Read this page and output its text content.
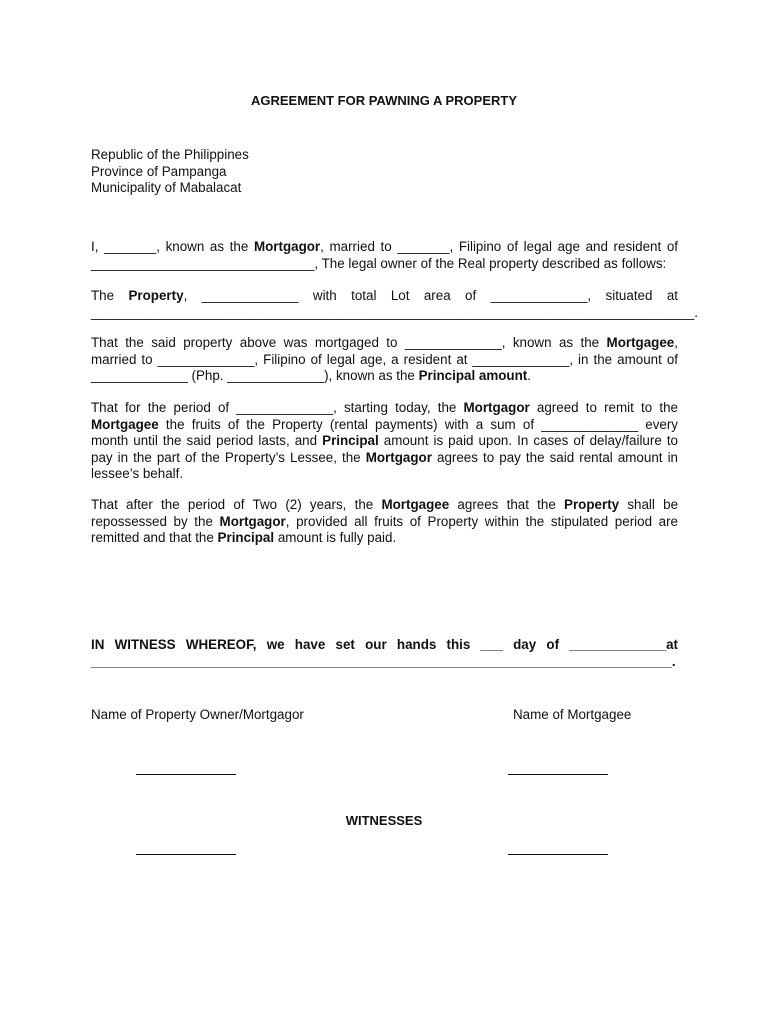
AGREEMENT FOR PAWNING A PROPERTY
Republic of the Philippines
Province of Pampanga
Municipality of Mabalacat
I, _______, known as the Mortgagor, married to _______, Filipino of legal age and resident of
______________________________, The legal owner of the Real property described as follows:
The Property, _____________ with total Lot area of _____________, situated at
_________________________________________________________________________________.
That the said property above was mortgaged to _____________, known as the Mortgagee,
married to _____________, Filipino of legal age, a resident at _____________, in the amount of
_____________ (Php. _____________), known as the Principal amount.
That for the period of _____________, starting today, the Mortgagor agreed to remit to the
Mortgagee the fruits of the Property (rental payments) with a sum of _____________ every
month until the said period lasts, and Principal amount is paid upon. In cases of delay/failure to
pay in the part of the Property’s Lessee, the Mortgagor agrees to pay the said rental amount in
lessee’s behalf.
That after the period of Two (2) years, the Mortgagee agrees that the Property shall be
repossessed by the Mortgagor, provided all fruits of Property within the stipulated period are
remitted and that the Principal amount is fully paid.
IN WITNESS WHEREOF, we have set our hands this ___ day of _____________at
______________________________________________________________________________.
Name of Property Owner/Mortgagor	Name of Mortgagee
WITNESSES
